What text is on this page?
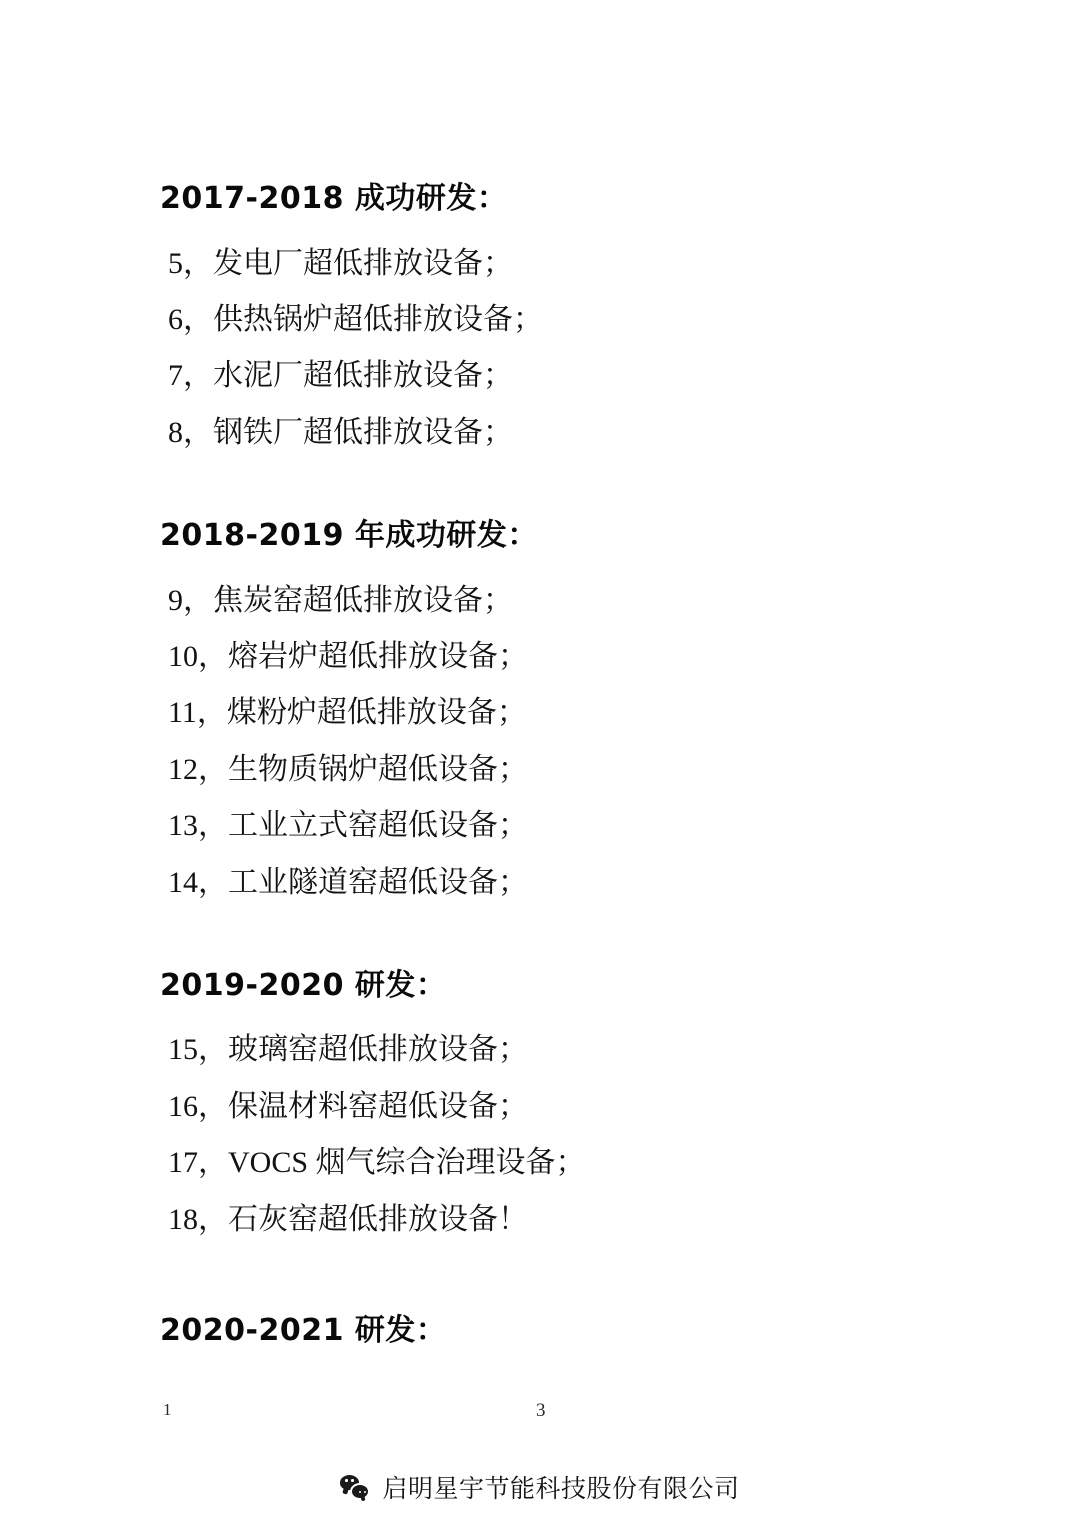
2017-2018 成功研发：
5，发电厂超低排放设备；
6，供热锅炉超低排放设备；
7，水泥厂超低排放设备；
8，钢铁厂超低排放设备；
2018-2019 年成功研发：
9，焦炭窑超低排放设备；
10，熔岩炉超低排放设备；
11，煤粉炉超低排放设备；
12，生物质锅炉超低设备；
13，工业立式窑超低设备；
14，工业隧道窑超低设备；
2019-2020 研发：
15，玻璃窑超低排放设备；
16，保温材料窑超低设备；
17，VOCS 烟气综合治理设备；
18，石灰窑超低排放设备！
2020-2021 研发：
1	3
启明星宇节能科技股份有限公司
